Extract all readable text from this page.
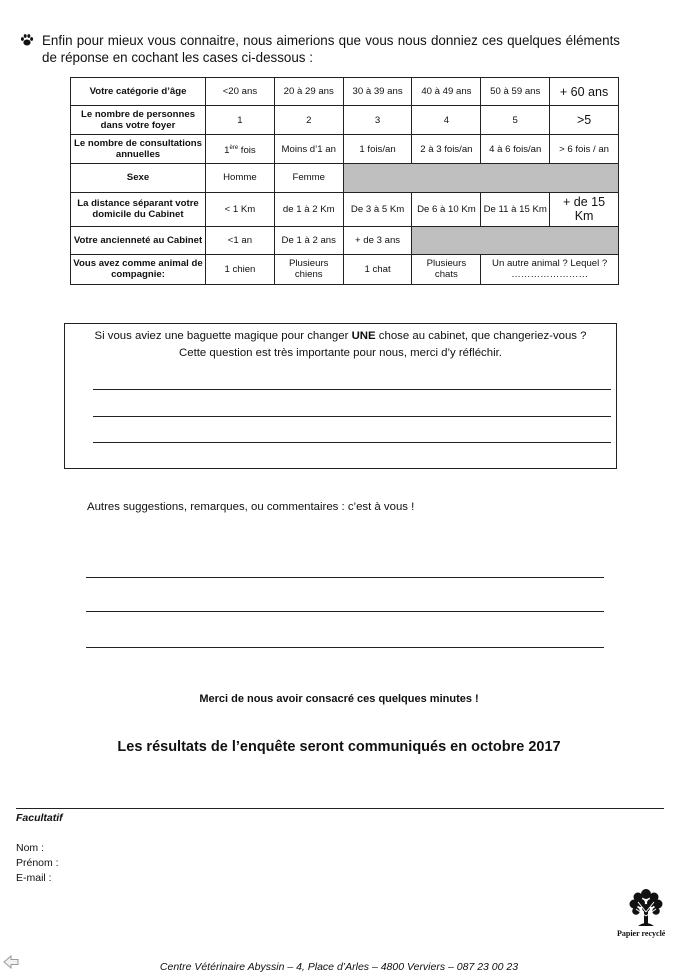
Enfin pour mieux vous connaitre, nous aimerions que vous nous donniez ces quelques éléments de réponse en cochant les cases ci-dessous :
Votre catégorie d’âge	<20 ans	20 à 29 ans	30 à 39 ans	40 à 49 ans	50 à 59 ans	+ 60 ans
Le nombre de personnes dans votre foyer	1	2	3	4	5	>5
Le nombre de consultations annuelles	1ère fois	Moins d’1 an	1 fois/an	2 à 3 fois/an	4 à 6 fois/an	> 6 fois / an
Sexe	Homme	Femme				
La distance séparant votre domicile du Cabinet	< 1 Km	de 1 à 2 Km	De 3 à 5 Km	De 6 à 10 Km	De 11 à 15 Km	+ de 15 Km
Votre ancienneté au Cabinet	<1 an	De 1 à 2 ans	+ de 3 ans			
Vous avez comme animal de compagnie:	1 chien	Plusieurs chiens	1 chat	Plusieurs chats	Un autre animal ? Lequel ? ……………………	
Si vous aviez une baguette magique pour changer UNE chose au cabinet, que changeriez-vous ?
Cette question est très importante pour nous, merci d’y réfléchir.
Autres suggestions, remarques, ou commentaires : c’est à vous !
Merci de nous avoir consacré ces quelques minutes !
Les résultats de l’enquête seront communiqués en octobre 2017
Facultatif
Nom :
Prénom :
E-mail :
Papier recyclé
Centre Vétérinaire Abyssin – 4, Place d’Arles – 4800 Verviers – 087 23 00 23
